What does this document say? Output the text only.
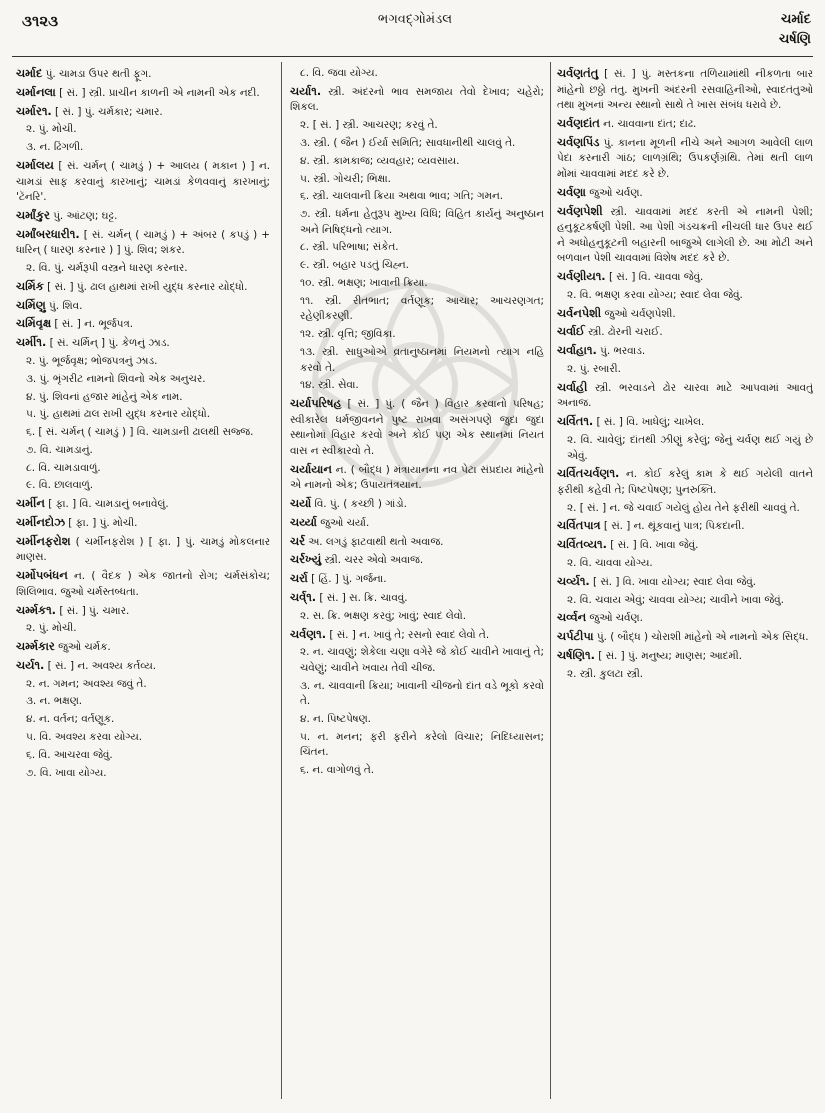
૩૧૨૩	ભગવદ્ગોમંડલ	ચર્માદ
ચર્ષણિ

ચર્માદ પું. ચામડા ઉપર થતી ફૂગ.

ચર્માનલા [ સં. ] સ્ત્રી. પ્રાચીન કાળની એ નામની એક નદી.

ચર્માર૧. [ સં. ] પું. ચર્મકાર; ચમાર.

૨. પું. મોચી.

૩. ન. ઢિંગળી.

ચર્માલય [ સં. ચર્મન્ ( ચામડું ) + આલય ( મકાન ) ] ન. ચામડાં સાફ કરવાનું કારખાનું; ચામડાં કેળવવાનું કારખાનું; 'ટૅનરિ'.

ચર્માંકુર પું. આંટણ; ઘટ્ટ.

ચર્માંબરધારી૧. [ સં. ચર્મન્ ( ચામડું ) + અંબર ( કપડું ) + ધારિન્ ( ધારણ કરનાર ) ] પું. શિવ; શંકર.

૨. વિ. પું. ચર્મરૂપી વસ્ત્રને ધારણ કરનાર.

ચર્મિક [ સં. ] પું. ઢાલ હાથમાં રાખી યુદ્ધ કરનાર યોદ્ધો.

ચર્મિણુ પું. શિવ.

ચર્મિવૃક્ષ [ સં. ] ન. ભૂર્જપત્ર.

ચર્મી૧. [ સં. ચર્મિન્ ] પું. કેળનું ઝાડ.

૨. પું. ભૂર્જવૃક્ષ; ભોજપત્રનું ઝાડ.

૩. પું. ભૃંગરીટ નામનો શિવનો એક અનુચર.

૪. પું. શિવનાં હજાર માંહેનું એક નામ.

૫. પું. હાથમાં ઢાલ રાખી યુદ્ધ કરનાર યોદ્ધો.

૬. [ સં. ચર્મન્ ( ચામડું ) ] વિ. ચામડાની ઢાલથી સજ્જ.

૭. વિ. ચામડાનું.

૮. વિ. ચામડાવાળું.

૯. વિ. છાલવાળું.

ચર્મીન [ ફા. ] વિ. ચામડાનું બનાવેલું.

ચર્મીનદોઝ [ ફા. ] પું. મોચી.

ચર્મીનફરોશ ( ચર્મીનફરોશ ) [ ફા. ] પું. ચામડું મોકલનાર માણસ.

ચર્મોપબંધન ન. ( વૈદક ) એક જાતનો રોગ; ચર્મસંકોચ; શિલિભાવ. જુઓ ચર્મસ્તબ્ધતા.

ચર્મ્મક૧. [ સં. ] પું. ચમાર.

૨. પું. મોચી.

ચર્મ્મકાર જુઓ ચર્મક.

ચર્ય૧. [ સં. ] ન. અવશ્ય કર્તવ્ય.

૨. ન. ગમન; અવશ્ય જવું તે.

૩. ન. ભક્ષણ.

૪. ન. વર્તન; વર્તણૂક.

૫. વિ. અવશ્ય કરવા યોગ્ય.

૬. વિ. આચરવા જેવું.

૭. વિ. ખાવા યોગ્ય.

૮. વિ. જવા યોગ્ય.

ચર્યા૧. સ્ત્રી. અંદરનો ભાવ સમજાય તેવો દેખાવ; ચહેરો; શિકલ.

૨. [ સં. ] સ્ત્રી. આચરણ; કરવું તે.

૩. સ્ત્રી. ( જૈન ) ઈર્યા સમિતિ; સાવધાનીથી ચાલવું તે.

૪. સ્ત્રી. કામકાજ; વ્યવહાર; વ્યવસાય.

૫. સ્ત્રી. ગોચરી; ભિક્ષા.

૬. સ્ત્રી. ચાલવાની ક્રિયા અથવા ભાવ; ગતિ; ગમન.

૭. સ્ત્રી. ધર્મના હેતુરૂપ મુખ્ય વિધિ; વિહિત કાર્યનું અનુષ્ઠાન અને નિષિદ્ધનો ત્યાગ.

૮. સ્ત્રી. પરિભાષા; સંકેત.

૯. સ્ત્રી. બહાર પડતું ચિહ્ન.

૧૦. સ્ત્રી. ભક્ષણ; ખાવાની ક્રિયા.

૧૧. સ્ત્રી. રીતભાત; વર્તણૂક; આચાર; આચરણગત; રહેણીકરણી.

૧૨. સ્ત્રી. વૃત્તિ; જીવિકા.

૧૩. સ્ત્રી. સાધુઓએ વ્રતાનુષ્ઠાનમાં નિયમનો ત્યાગ નહિ કરવો તે.

૧૪. સ્ત્રી. સેવા.

ચર્યાપરિષહ [ સં. ] પું. ( જૈન ) વિહાર કરવાનો પરિષહ; સ્વીકારેલ ધર્મજીવનને પુષ્ટ રાખવા અસંગપણે જુદા જુદા સ્થાનોમાં વિહાર કરવો અને કોઈ પણ એક સ્થાનમાં નિયત વાસ ન સ્વીકારવો તે.

ચર્યાયાન ન. ( બૌદ્ધ ) મંત્રાયાનના નવ પેટા સંપ્રદાય માંહેનો એ નામનો એક; ઉપાયતંત્રયાન.

ચર્યો વિ. પું. ( કચ્છી ) ગાંડો.

ચર્ય્યા જુઓ ચર્યા.

ચર્ર અ. લગડું ફાટવાથી થતો અવાજ.

ચર્રખ્યું સ્ત્રી. ચરર એવો અવાજ.

ચર્રા [ હિં. ] પું. ગર્જના.

ચર્વ્૧. [ સં. ] સ. ક્રિ. ચાવવું.

૨. સ. ક્રિ. ભક્ષણ કરવું; ખાવું; સ્વાદ લેવો.

ચર્વણ૧. [ સં. ] ન. ખાવું તે; રસનો સ્વાદ લેવો તે.

૨. ન. ચાવણું; શેકેલા ચણા વગેરે જે કોઈ ચાવીને ખાવાનું તે; ચવેણું; ચાવીને ખવાય તેવી ચીજ.

૩. ન. ચાવવાની ક્રિયા; ખાવાની ચીજનો દાંત વડે ભૂકો કરવો તે.

૪. ન. પિષ્ટપેષણ.

૫. ન. મનન; ફરી ફરીને કરેલો વિચાર; નિદિધ્યાસન; ચિંતન.

૬. ન. વાગોળવું તે.

ચર્વણતંતુ [ સં. ] પું. મસ્તકના તળિયામાંથી નીકળતા બાર માંહેનો છઠ્ઠો તંતુ. મુખની અંદરની રસવાહિનીઓ, સ્વાદતંતુઓ તથા મુખનાં અન્ય સ્થાનો સાથે તે ખાસ સંબંધ ધરાવે છે.

ચર્વણદાંત ન. ચાવવાના દાંત; દાઢ.

ચર્વણપિંડ પું. કાનના મૂળની નીચે અને આગળ આવેલી લાળ પેદા કરનારી ગાંઠ; લાળગ્રંથિ; ઉપકર્ણગ્રંથિ. તેમાં થતી લાળ મોંમાં ચાવવામાં મદદ કરે છે.

ચર્વણા જુઓ ચર્વણ.

ચર્વણપેશી સ્ત્રી. ચાવવામાં મદદ કરતી એ નામની પેશી; હનુકૂટકર્ષણી પેશી. આ પેશી ગંડચક્રની નીચલી ધાર ઉપર થઈ ને અધોહનુકૂટની બહારની બાજુએ લાગેલી છે. આ મોટી અને બળવાન પેશી ચાવવામાં વિશેષ મદદ કરે છે.

ચર્વણીય૧. [ સં. ] વિ. ચાવવા જેવું.

૨. વિ. ભક્ષણ કરવા યોગ્ય; સ્વાદ લેવા જેવું.

ચર્વનપેશી જુઓ ચર્વણપેશી.

ચર્વાઈ સ્ત્રી. ઢોરની ચરાઈ.

ચર્વાહા૧. પું. ભરવાડ.

૨. પું. રબારી.

ચર્વાહી સ્ત્રી. ભરવાડને ઢોર ચારવા માટે આપવામાં આવતું અનાજ.

ચર્વિત૧. [ સં. ] વિ. ખાધેલું; ચાખેલ.

૨. વિ. ચાવેલું; દાંતથી ઝીણું કરેલું; જેનું ચર્વણ થઈ ગયું છે એવું.

ચર્વિતચર્વણ૧. ન. કોઈ કરેલું કામ કે થઈ ગયેલી વાતને ફરીથી કહેવી તે; પિષ્ટપેષણ; પુનરુક્તિ.

૨. [ સં. ] ન. જે ચવાઈ ગયેલું હોય તેને ફરીથી ચાવવું તે.

ચર્વિતપાત્ર [ સં. ] ન. થૂંકવાનું પાત્ર; પિકદાની.

ચર્વિતવ્ય૧. [ સં. ] વિ. ખાવા જેવું.

૨. વિ. ચાવવા યોગ્ય.

ચર્વ્ય૧. [ સં. ] વિ. ખાવા યોગ્ય; સ્વાદ લેવા જેવું.

૨. વિ. ચવાય એવું; ચાવવા યોગ્ય; ચાવીને ખાવા જેવું.

ચર્વ્વન જુઓ ચર્વણ.

ચર્પટીપા પું. ( બૌદ્ધ ) ચોરાશી માંહેનો એ નામનો એક સિદ્ધ.

ચર્ષણિ૧. [ સં. ] પું. મનુષ્ય; માણસ; આદમી.

૨. સ્ત્રી. કુલટા સ્ત્રી.
